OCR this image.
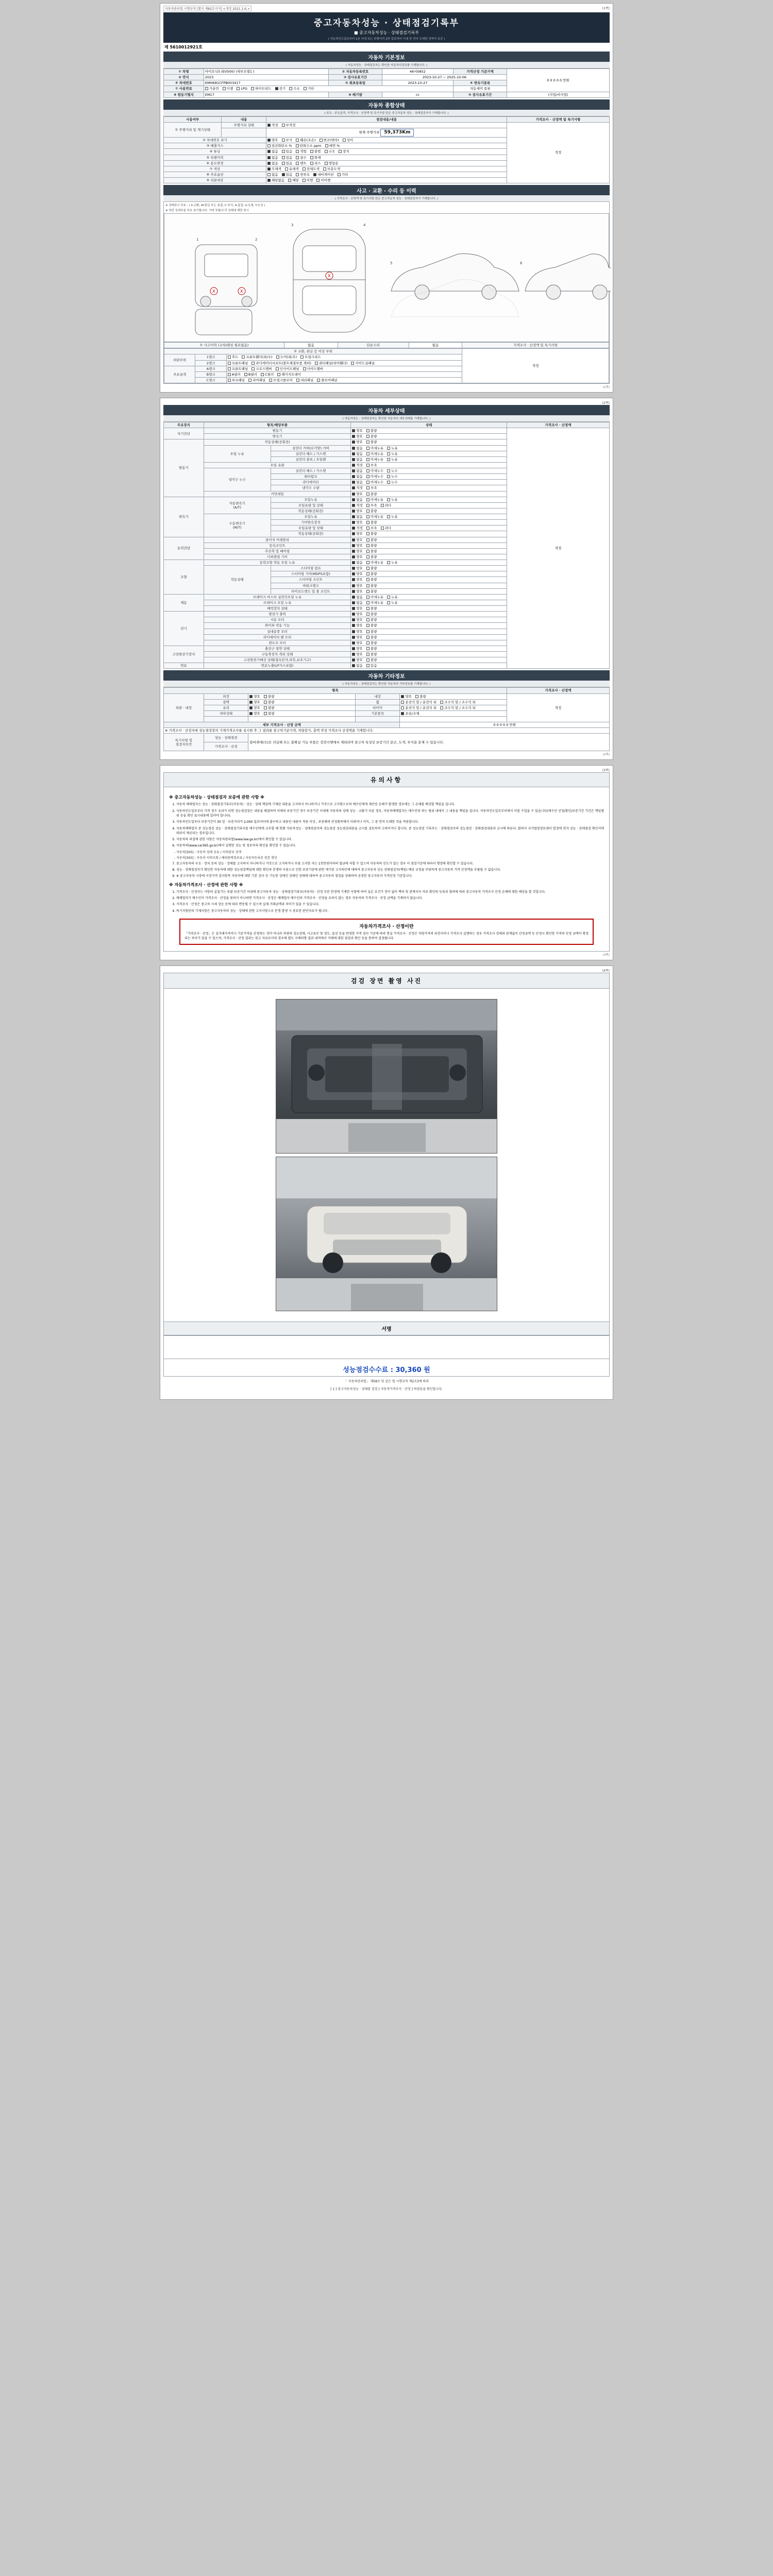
자동차관리법 시행규칙 [별지 제82호서식] <개정 2021.1.6.>	(1쪽)
중고자동차성능 · 상태점검기록부
■ 중고자동차성능 · 상태점검기록부
( 자동차인도일로부터 1년 이내 또는 주행거리 2만 킬로미터 이내 중 먼저 도래한 것까지 보증 )
제 5610012921호
자동차 기본정보
( 자동차성능 · 상태점검자는 확인한 자동차의정보를 기재합니다. )
① 차명	마이오닉5 (EV500) (세부모델1 )	② 자동차등록번호	46서0852	가격산정 기준가액	0 0 0 0 0 만원
② 연식	2023	③ 검사유효기간	2023-10-27 ~ 2025-10-06		
④ 차대번호	KMHK81CFPB003417	⑤ 최초등록일	2023-10-27	⑥ 변속기종류	
⑦ 사용연료	가솔린 디젤 LPG 하이브리드 전기 수소 기타			자동세미 종류	
⑧ 원동기형식	EM17	⑨ 배기량	cc	⑩ 검사유효기간	(사업/비사업)
자동차 종합상태
( 주요 · 주요골격, 가격조사 · 산정액 및 특기사항 란은 중고자동차 성능 · 상태점검자가 기재합니다. )
사용여부	내용	점검내용/내용	가격조사 · 산정액 및 특기사항
① 주행거리 및 계기상태	주행거리 상태	적정 부적정	적정
		현재 주행거리 59,373Km	
② 차대번호 표기		양호 부식 훼손(오손) 변조(변타) 상이	
③ 배출가스		일산화탄소 % 탄화수소 ppm 매연 %	
④ 튜닝		없음 있음 적법 불법 구조 장치	
⑤ 특별이력		없음 있음 침수 화재	
⑥ 용도변경		없음 있음 렌트 리스 영업용	
⑦ 색상		무채색 유채색 전체도색 부분도색	
⑧ 주요옵션		없음 있음 썬루프 내비게이션 기타	
⑨ 리콜대상		해당없음 해당 이행 미이행	
사고 · 교환 · 수리 등 이력
( 가격조사 · 산정액 및 특기사항 란은 중고자동차 성능 · 상태점검자가 기재합니다. )
※ 상태표시 부호 : ( X:교환, W:판금 또는 용접, C:부식, A:흠집, U:요철, T:손상 )
※ 하단 상세부분 부호 표기합니다. 기타 부품/수리 상태에 해당 표시
X	X
X
1	2
3	4
5	6
① 사고이력 (교차/랜싱 필요없음)	없음	단순수리	없음	가격조사 · 산정액 및 특기사항
② 교환, 판금 등 이상 부위			적정
외판부위	1랭크	후드 프론트휀더(좌/우) 도어(좌/우) 트렁크리드	
	2랭크	프론트패널 라디에이터서포트(볼트체결부품 제외) 쿼터패널(리어휀더) 사이드실패널	
주요골격	A랭크	프론트패널 크로스멤버 인사이드패널 사이드멤버	
	B랭크	A필러 B필러 C필러 패키지트레이	
	C랭크	루프패널 리어패널 트렁크플로어 대쉬패널 플로어패널	
(1쪽)
(2쪽)
자동차 세부상태
( 자동차성능 · 상태점검자는 확인한 자동차의 세부상태를 기재합니다. )
주요장치	항목/해당부품		상태	가격조사 · 산정액
자기진단	원동기		양호 불량	적정
	변속기		양호 불량	
원동기	작동상태(공회전)		양호 불량	
	오일 누유	실린더 커버(로커암) 커버	없음 미세누유 누유	
		실린더 헤드 / 가스켓	없음 미세누유 누유	
		실린더 블록 / 오일팬	없음 미세누유 누유	
	오일 유량		적정 부족	
	냉각수 누수	실린더 헤드 / 가스켓	없음 미세누수 누수	
		워터펌프	없음 미세누수 누수	
		라디에이터	없음 미세누수 누수	
		냉각수 수량	적정 부족	
	커먼레일		양호 불량	
변속기	자동변속기
(A/T)	오일누유	없음 미세누유 누유	
		오일유량 및 상태	적정 부족 과다	
		작동상태(공회전)	양호 불량	
	수동변속기
(M/T)	오일누유	없음 미세누유 누유	
		기어변속장치	양호 불량	
		오일유량 및 상태	적정 부족 과다	
		작동상태(공회전)	양호 불량	
동력전달	클러치 어셈블리		양호 불량	
	등속조인트		양호 불량	
	추진축 및 베어링		양호 불량	
	디퍼렌셜 기어		양호 불량	
조향	동력조향 작동 오일 누유		없음 미세누유 누유	
	작동상태	스티어링 펌프	양호 불량	
		스티어링 기어(MDPS포함)	양호 불량	
		스티어링 조인트	양호 불량	
		파워크랭크	양호 불량	
		타이로드엔드 및 볼 조인트	양호 불량	
제동	브레이크 마스터 실린더오일 누유		없음 미세누유 누유	
	브레이크 오일 누유		없음 미세누유 누유	
	배력장치 상태		양호 불량	
전기	발전기 출력		양호 불량	
	시동 모터		양호 불량	
	와이퍼 작동 기능		양호 불량	
	실내송풍 모터		양호 불량	
	라디에이터 팬 모터		양호 불량	
	윈도우 모터		양호 불량	
고전원전기장치	충전구 절연 상태		양호 불량	
	구동축전지 격리 상태		양호 불량	
	고전원전기배선 상태(접속단자,피복,보호기구)		양호 불량	
연료	연료누출(LP가스포함)		없음 있음	
자동차 기타정보
( 자동차성능 · 상태점검자는 확인한 자동차의 기타정보를 기재합니다. )
항목					가격조사 · 산정액
외관 · 내장	외장	양호 불량	내장	양호 불량	적정
	광택	양호 불량	휠	운전석 앞 / 운전석 뒤 조수석 앞 / 조수석 뒤	
	유리	양호 불량	타이어	운전석 앞 / 운전석 뒤 조수석 앞 / 조수석 뒤	
	세차상태	양호 불량	기본품목	보유/교체	

세부 가격조사 · 산정 금액				0 0 0 0 0 만원	
※ 가격조사 · 산정자에 성능점검장의 기재가격조사를 실시한 후 그 결과를 중고차기준가격, 차량감가, 총액 작성 가격조사 산정액을 기재합니다.					
특기사항 및
점검자의견	성능 · 상태점검	앞바퀴에(으)로 의심해 또는 불확실 기능 부품은 검검시행에서 제외되며 중고차 특성상 보증기간 문곤, 도색, 부식을 문제 수 있습니다.			
	가격조사 · 산정				
(2쪽)
(3쪽)
유의사항
※ 중고자동차성능 · 상태점검자 보증에 관한 사항 ※
1. 자동차 매매업자는 성능 · 상태점검기록부(자동차) · 성능 · 상태 책임에 기재된 내용을 고지하지 아니하거나 거짓으로 고지함으로써 매수인에게 재산상 손해가 발생한 경우에는 그 손해를 배상할 책임을 집니다.
2. 자동차인도일로부터 가격 정수 초과가 되면 성능점검장은 내용을 해결하여 이에의 보증기간 정수 보증기간 이내에 자동차의 상태 성능 · 교환기 다른 경우, 자동차매매업자는 매수인의 하는 범위 내에서 그 내용을 책임을 집니다. 자동차인도일로부터에서 이를 수업을 수 있습니다(매수인 선정/확인/보증기간 기간은 책임범위 등을 확인 표시내용에 있어야 합니다).
3. 자동차인도일부터 보증기간이 30 일 · 보증거리가 2,000 킬로미터에 불구하고 내용인 내용이 적용 이상 , 보증해의 산정품목에서 이외이나 이득, 그 중 먼저 도래한 것을 적용합니다.
4. 자동차매매업자 중 성능점검 성능 · 상태점검기록부를 매수인에게 교부할 때 현황 자동차성능 · 상태점검자의 성능점검 성능점검내용을 교시를 검토하여 고의이거나 합니다. 중 성능점검 기록부는 · 상태점검자의 성능점검 · 상태점검내용과 교시에 따른다. 밝혀지 국가법령정보센터 법정에 전자 성능 · 상태점검 확인서에 따라서 제공되는 경우입니다.
5. 자동차의 의결에 권한 사항은 자동차관리법(www.law.go.kr)에서 확인할 수 있습니다.
6. 자동차의(www.car365.go.kr)에서 실행된 성능 및 정보자의 확인을 확인할 수 있습니다.

- 자동차[305] : 자동차 상태 공유 / 이력관리 검색

- 자동차[305] : 자동차 이력조회 / 해외판매정보표 / 자동차등록증 원본 확인

7. 중고자동차의 구조 · 장치 등의 성능 · 상태를 고지하지 아니하거나 거짓으로 고지하거나 부당 고지한 자는 1천만원이하의 벌금에 처할 수 있으며 자동차의 인도가 있는 경우 이 점검기준에 따라서 행정에 확인할 수 있습니다.
8. 성능 · 상태점검자가 확인한 자동차에 대한 성능점검책임에 대한 확인과 분쟁의 사용으로 인한 보증기준에 관한 제기된 고지의무에 대하여 중고자동차 성능 상태점검자(책임) 배상 규정을 부당하게 중고자동차 가격 산정액을 부풀릴 수 없습니다.
9. ※ 중고자동차 시장에 시장가격 검사항목 자동차에 대한 기본 검사 등 기능한 상태인 상태인 상태에 대하여 중고자동차 점검을 상태하여 공정한 중고자동차 가격산정 기준입니다.
※ 자동차가격조사 · 산정에 관한 사항 ※
1. 가격조사 · 산정자는 사항의 실질기는 포괄 보증기간 이내에 중고자동차 성능 · 상태점검기록부(자동차) · 산정 부분 한정에 기재한 사항에 하여 실손 요건가 전이 없어 책의 및 관계자자 자료 확인의 등록과 협의에 따라 중고자동차 가격조사 산정 손해에 대한 배상을 할 것입니다.
2. 매매업자가 매수인이 가격조사 · 산정을 원하지 아니하면 가격조사 · 산정은 매매업자 매수인의 가격조사 · 산정을 요하지 않는 경우 자동차의 가격조사 · 산정 금액을 기재하지 않습니다.
3. 가격조사 · 산정은 중고차 시세 상승 등에 따라 변동될 수 있으며 실제 거래금액과 차이가 있을 수 있습니다.
4. 특기사항란의 기재사항은 중고자동차의 성능 · 상태에 관한 고지사항으로 분쟁 발생 시 중요한 판단자료가 됩니다.
자동차가격조사 · 산정이란
「가격조사 · 산정」은 실거래가격이나 기준가격을 산정하는 것이 아니라 차량의 성능상태, 사고유무 및 정도, 옵션 등을 반영한 가격 검사 기준에 따라 현실 가격조사 · 산정은 차량가격의 의견서이나 가격조사 실행하는 경우 가격조사 상태와 관계없이 산정금액 등 산정시 확인한 가격의 산정 금액이 확정되는 차이가 있을 수 있으며, 가격조사 · 산정 결과는 참고 자료로서의 경우에 별도 구매의향 결과 내역에서 거래에 대한 점검과 확인 등을 통하여 결정됩니다.
(3쪽)
(4쪽)
검검 장면 촬영 사진
서명
성능점검수수료 : 30,360 원
「 자동차관리법」 제58조 및 같은 법 시행규칙 제2조3에 따라
[ 1 ] 중고자동차성능 · 상태를 검검 [ 자동차가격조사 · 산정 ] 하였음을 확인합니다.
